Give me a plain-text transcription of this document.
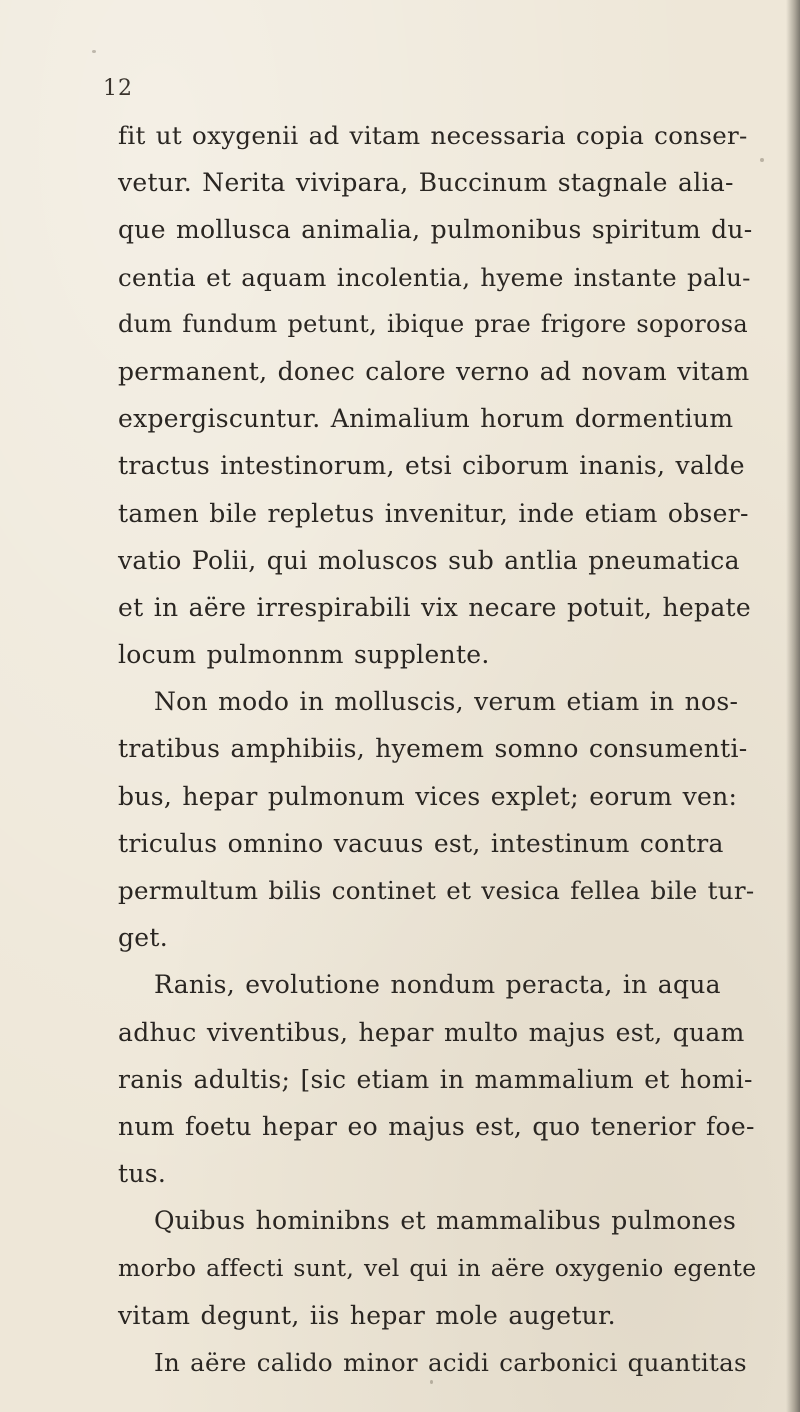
12
fit ut oxygenii ad vitam necessaria copia conser-
vetur. Nerita vivipara, Buccinum stagnale alia-
que mollusca animalia, pulmonibus spiritum du-
centia et aquam incolentia, hyeme instante palu-
dum fundum petunt, ibique prae frigore soporosa
permanent, donec calore verno ad novam vitam
expergiscuntur. Animalium horum dormentium
tractus intestinorum, etsi ciborum inanis, valde
tamen bile repletus invenitur, inde etiam obser-
vatio Polii, qui moluscos sub antlia pneumatica
et in aëre irrespirabili vix necare potuit, hepate
locum pulmonnm supplente.
Non modo in molluscis, verum etiam in nos-
tratibus amphibiis, hyemem somno consumenti-
bus, hepar pulmonum vices explet; eorum ven:
triculus omnino vacuus est, intestinum contra
permultum bilis continet et vesica fellea bile tur-
get.
Ranis, evolutione nondum peracta, in aqua
adhuc viventibus, hepar multo majus est, quam
ranis adultis; [sic etiam in mammalium et homi-
num foetu hepar eo majus est, quo tenerior foe-
tus.
Quibus hominibns et mammalibus pulmones
morbo affecti sunt, vel qui in aëre oxygenio egente
vitam degunt, iis hepar mole augetur.
In aëre calido minor acidi carbonici quantitas
